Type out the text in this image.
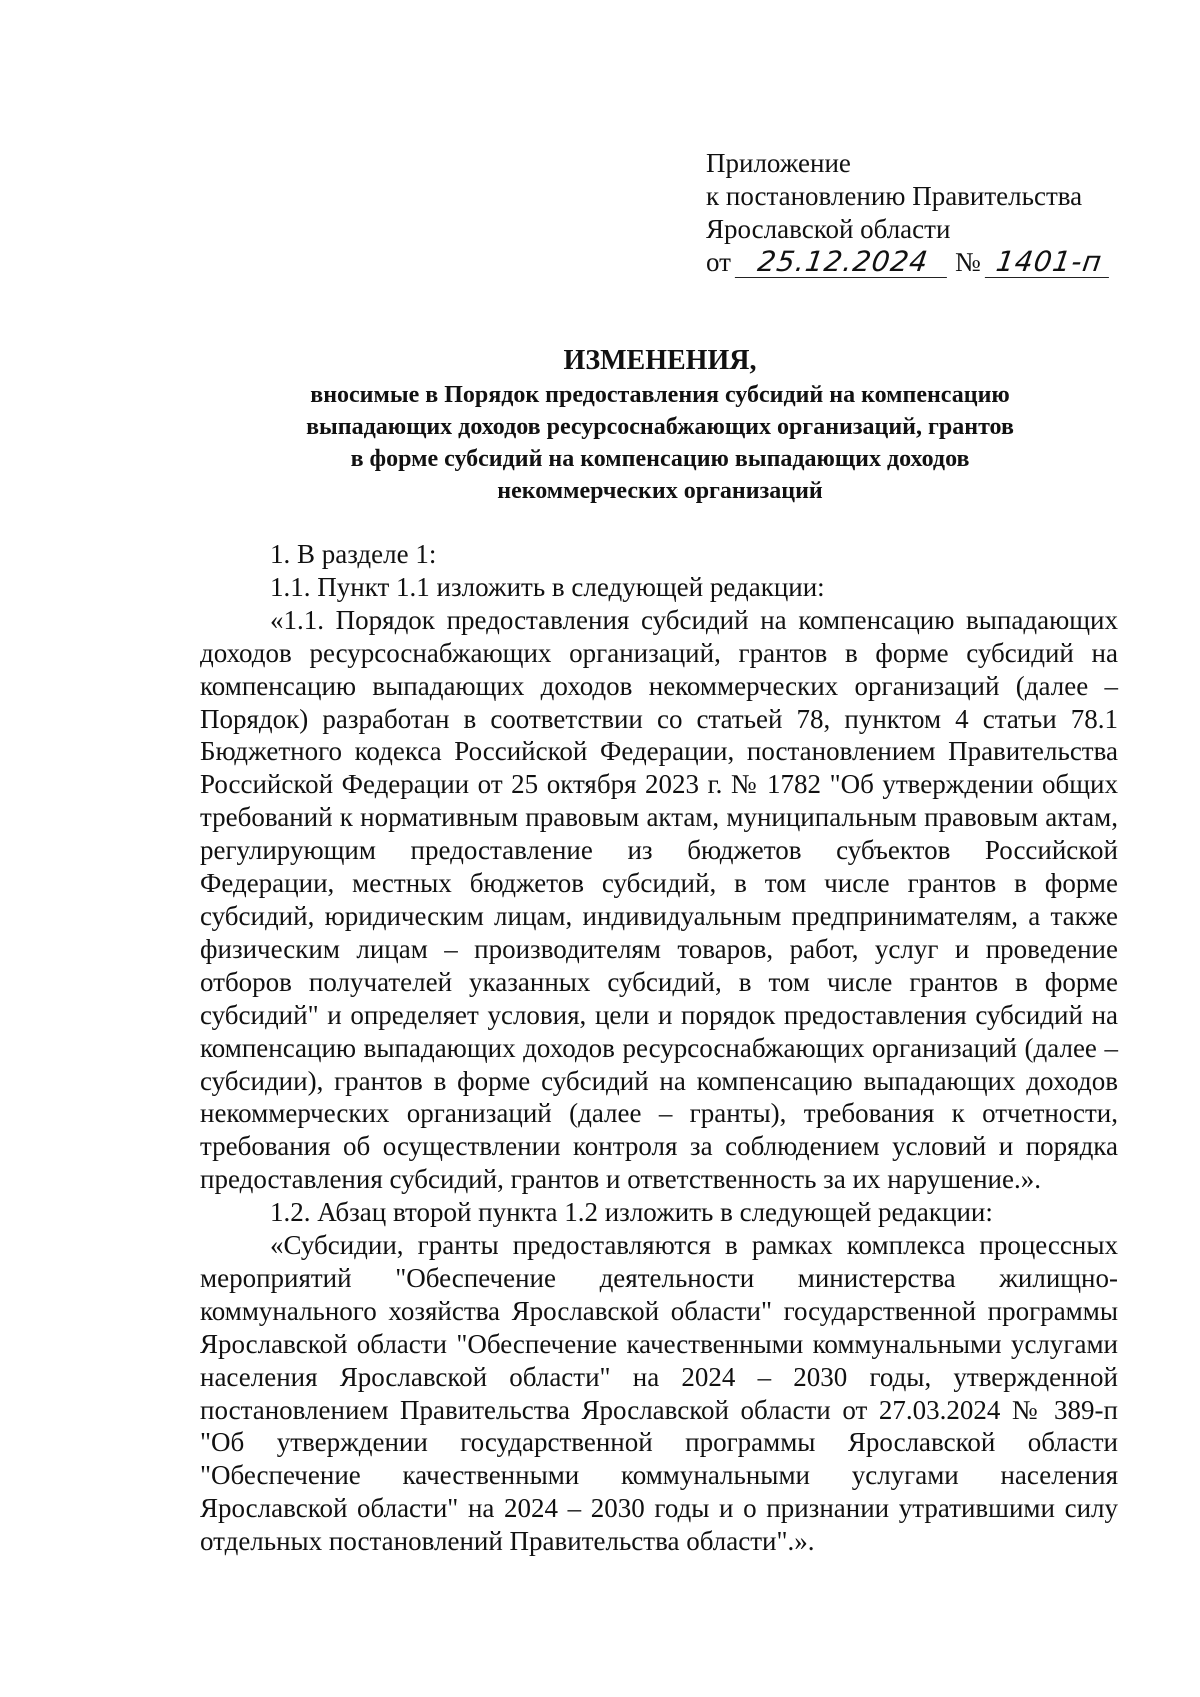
Приложение
к постановлению Правительства
Ярославской области
от 25.12.2024 № 1401-п
ИЗМЕНЕНИЯ,
вносимые в Порядок предоставления субсидий на компенсацию
выпадающих доходов ресурсоснабжающих организаций, грантов
в форме субсидий на компенсацию выпадающих доходов
некоммерческих организаций

1. В разделе 1:

1.1. Пункт 1.1 изложить в следующей редакции:

«1.1. Порядок предоставления субсидий на компенсацию выпадающих доходов ресурсоснабжающих организаций, грантов в форме субсидий на компенсацию выпадающих доходов некоммерческих организаций (далее – Порядок) разработан в соответствии со статьей 78, пунктом 4 статьи 78.1 Бюджетного кодекса Российской Федерации, постановлением Правительства Российской Федерации от 25 октября 2023 г. № 1782 "Об утверждении общих требований к нормативным правовым актам, муниципальным правовым актам, регулирующим предоставление из бюджетов субъектов Российской Федерации, местных бюджетов субсидий, в том числе грантов в форме субсидий, юридическим лицам, индивидуальным предпринимателям, а также физическим лицам – производителям товаров, работ, услуг и проведение отборов получателей указанных субсидий, в том числе грантов в форме субсидий" и определяет условия, цели и порядок предоставления субсидий на компенсацию выпадающих доходов ресурсоснабжающих организаций (далее – субсидии), грантов в форме субсидий на компенсацию выпадающих доходов некоммерческих организаций (далее – гранты), требования к отчетности, требования об осуществлении контроля за соблюдением условий и порядка предоставления субсидий, грантов и ответственность за их нарушение.».

1.2. Абзац второй пункта 1.2 изложить в следующей редакции:

«Субсидии, гранты предоставляются в рамках комплекса процессных мероприятий "Обеспечение деятельности министерства жилищно-коммунального хозяйства Ярославской области" государственной программы Ярославской области "Обеспечение качественными коммунальными услугами населения Ярославской области" на 2024 – 2030 годы, утвержденной постановлением Правительства Ярославской области от 27.03.2024 № 389-п "Об утверждении государственной программы Ярославской области "Обеспечение качественными коммунальными услугами населения Ярославской области" на 2024 – 2030 годы и о признании утратившими силу отдельных постановлений Правительства области".».
